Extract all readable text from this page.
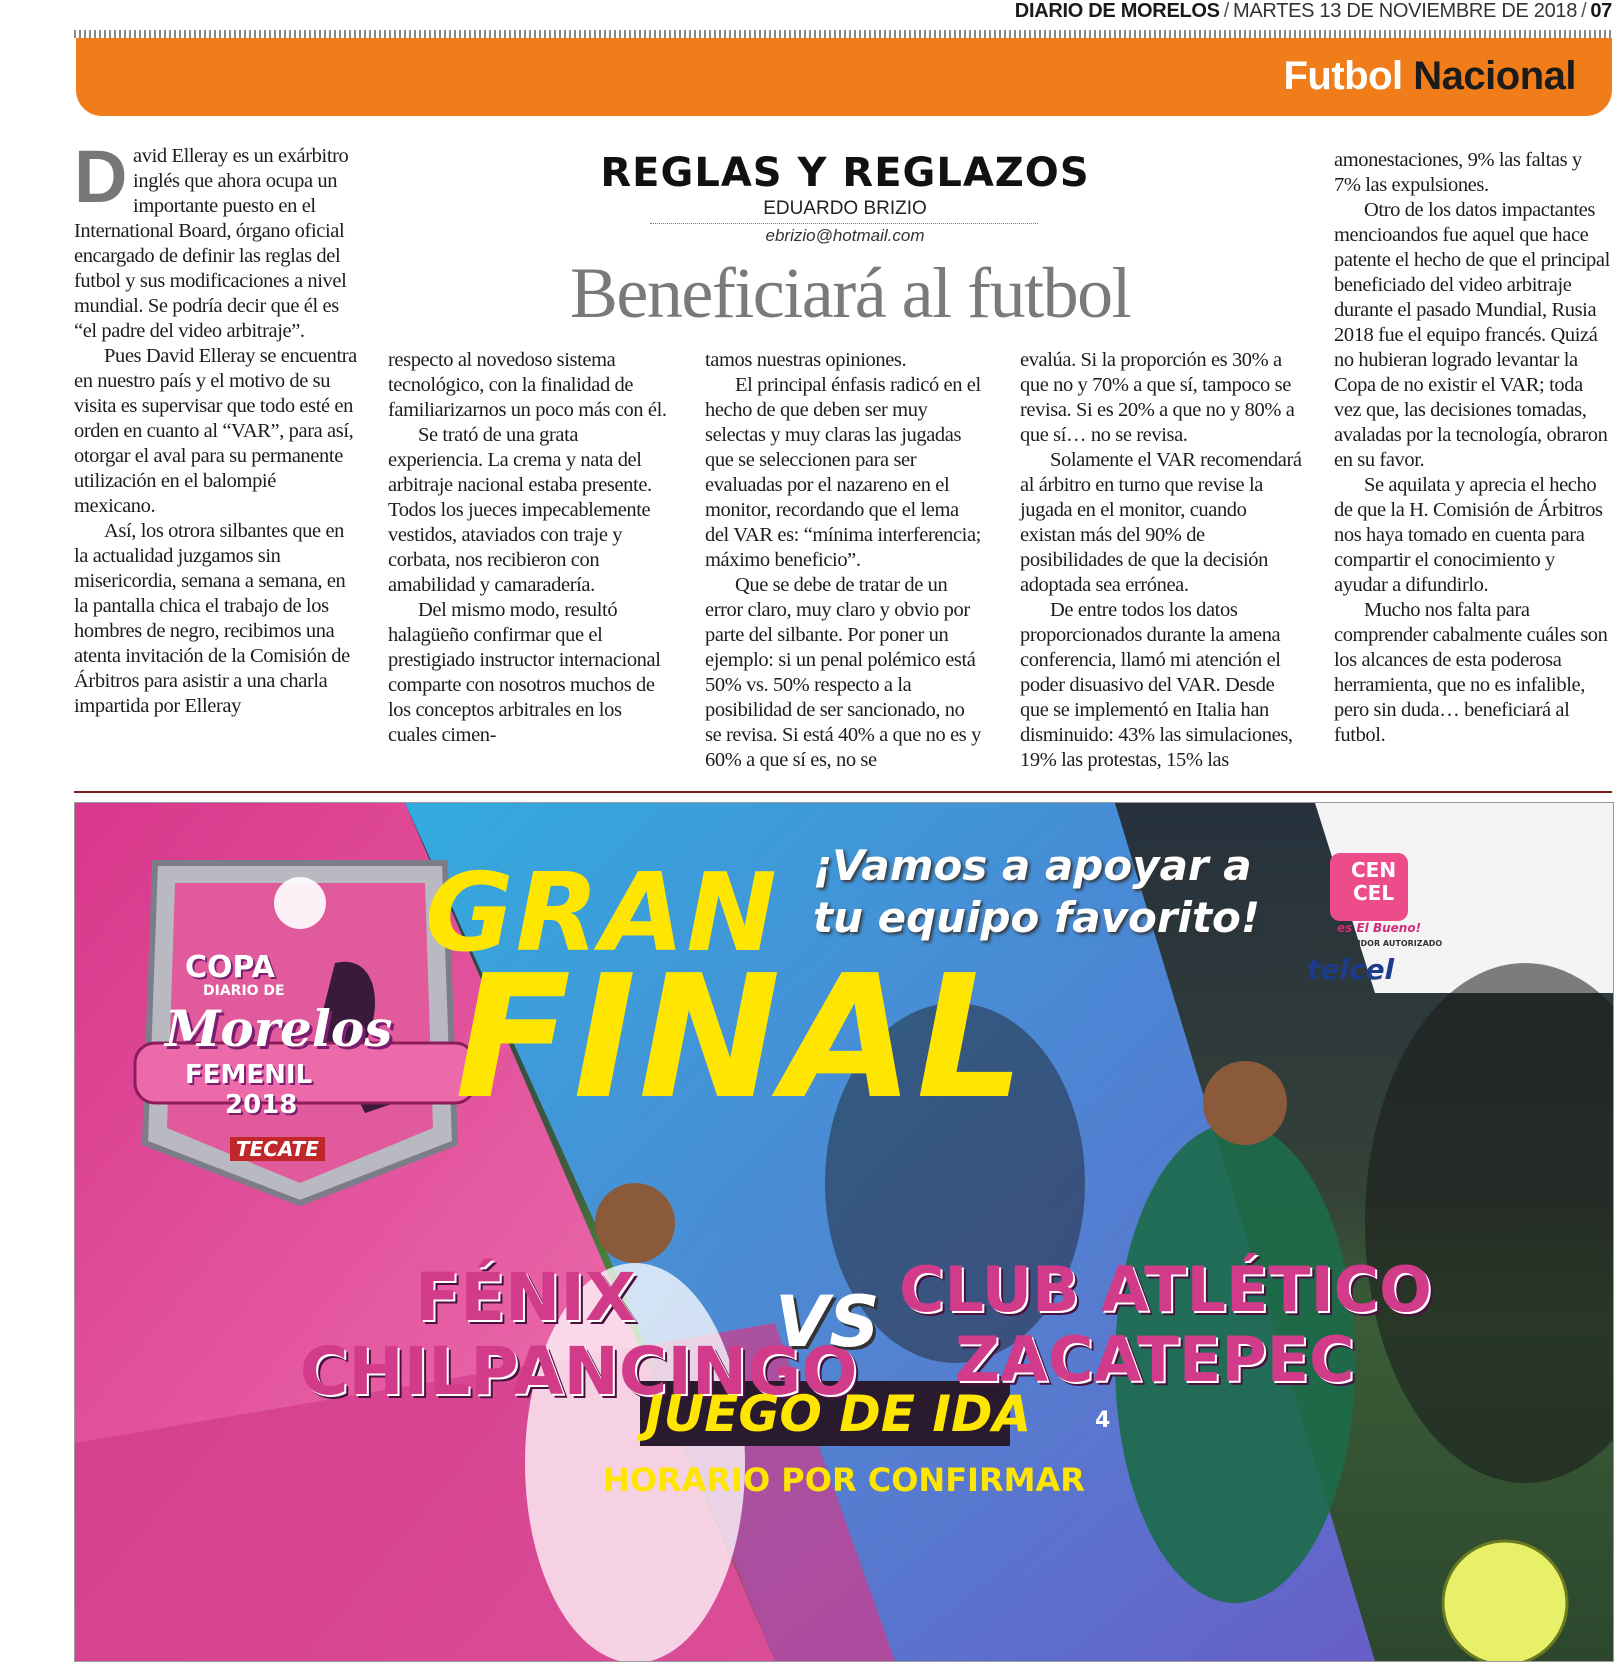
DIARIO DE MORELOS / MARTES 13 DE NOVIEMBRE DE 2018 / 07
Futbol Nacional
REGLAS Y REGLAZOS
EDUARDO BRIZIO
ebrizio@hotmail.com
Beneficiará al futbol

David Elleray es un exárbitro inglés que ahora ocupa un importante puesto en el International Board, órgano oficial encargado de definir las reglas del futbol y sus modificaciones a nivel mundial. Se podría decir que él es “el padre del video arbitraje”.

Pues David Elleray se encuentra en nuestro país y el motivo de su visita es supervisar que todo esté en orden en cuanto al “VAR”, para así, otorgar el aval para su permanente utilización en el balompié mexicano.

Así, los otrora silbantes que en la actualidad juzgamos sin misericordia, semana a semana, en la pantalla chica el trabajo de los hombres de negro, recibimos una atenta invitación de la Comisión de Árbitros para asistir a una charla impartida por Elleray

respecto al novedoso sistema tecnológico, con la finalidad de familiarizarnos un poco más con él.

Se trató de una grata experiencia. La crema y nata del arbitraje nacional estaba presente. Todos los jueces impecablemente vestidos, ataviados con traje y corbata, nos recibieron con amabilidad y camaradería.

Del mismo modo, resultó halagüeño confirmar que el prestigiado instructor internacional comparte con nosotros muchos de los conceptos arbitrales en los cuales cimen-

tamos nuestras opiniones.

El principal énfasis radicó en el hecho de que deben ser muy selectas y muy claras las jugadas que se seleccionen para ser evaluadas por el nazareno en el monitor, recordando que el lema del VAR es: “mínima interferencia; máximo beneficio”.

Que se debe de tratar de un error claro, muy claro y obvio por parte del silbante. Por poner un ejemplo: si un penal polémico está 50% vs. 50% respecto a la posibilidad de ser sancionado, no se revisa. Si está 40% a que no es y 60% a que sí es, no se

evalúa. Si la proporción es 30% a que no y 70% a que sí, tampoco se revisa. Si es 20% a que no y 80% a que sí… no se revisa.

Solamente el VAR recomendará al árbitro en turno que revise la jugada en el monitor, cuando existan más del 90% de posibilidades de que la decisión adoptada sea errónea.

De entre todos los datos proporcionados durante la amena conferencia, llamó mi atención el poder disuasivo del VAR. Desde que se implementó en Italia han disminuido: 43% las simulaciones, 19% las protestas, 15% las

amonestaciones, 9% las faltas y 7% las expulsiones.

Otro de los datos impactantes mencioandos fue aquel que hace patente el hecho de que el principal beneficiado del video arbitraje durante el pasado Mundial, Rusia 2018 fue el equipo francés. Quizá no hubieran logrado levantar la Copa de no existir el VAR; toda vez que, las decisiones tomadas, avaladas por la tecnología, obraron en su favor.

Se aquilata y aprecia el hecho de que la H. Comisión de Árbitros nos haya tomado en cuenta para compartir el conocimiento y ayudar a difundirlo.

Mucho nos falta para comprender cabalmente cuáles son los alcances de esta poderosa herramienta, que no es infalible, pero sin duda… beneficiará al futbol.

COPA
DIARIO DE
Morelos
FEMENIL
2018
TECATE
GRAN
FINAL
¡Vamos a apoyar a
tu equipo favorito!
CEN
CEL
es El Bueno!
DISTRIBUIDOR AUTORIZADO
telcel
FÉNIX
CHILPANCINGO
VS CLUB ATLÉTICO
ZACATEPEC
JUEGO DE IDA
HORARIO POR CONFIRMAR
4
